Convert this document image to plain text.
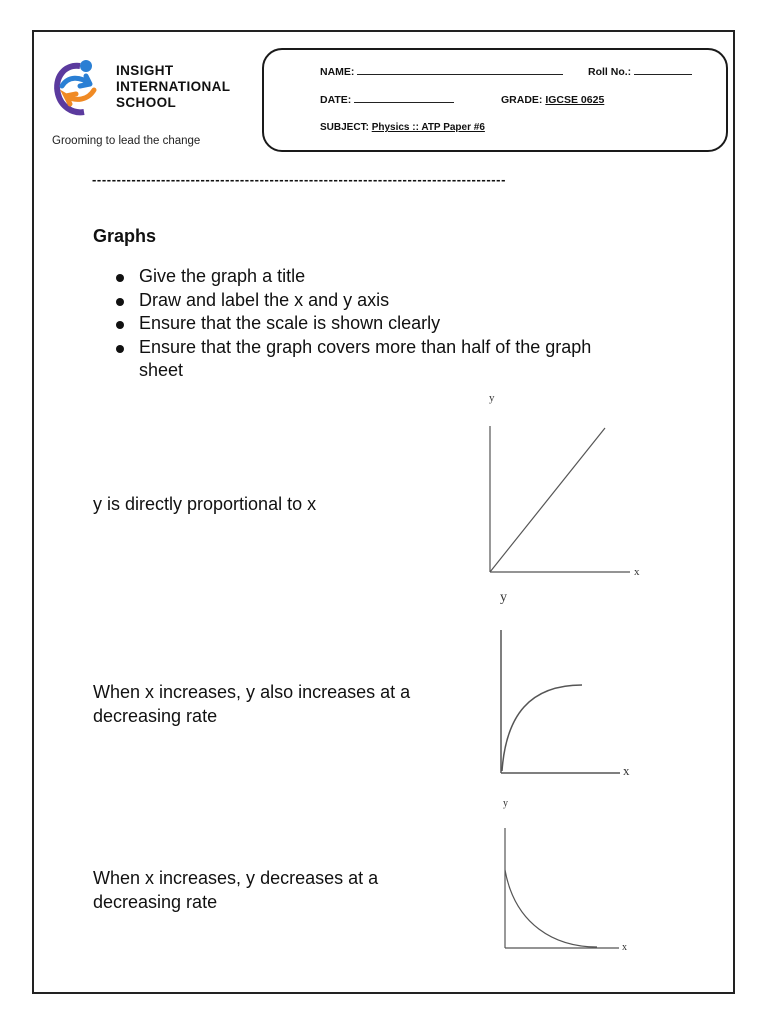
INSIGHT
INTERNATIONAL
SCHOOL
Grooming to lead the change
NAME:	Roll No.:
DATE:	GRADE: IGCSE 0625
SUBJECT: Physics :: ATP Paper #6
------------------------------------------------------------------------------------
Graphs
Give the graph a title
Draw and label the x and y axis
Ensure that the scale is shown clearly
Ensure that the graph covers more than half of the graph sheet
y is directly proportional to x
y
x
When x increases, y also increases at a decreasing rate
y
x
When x increases, y decreases at a decreasing rate
y
x
